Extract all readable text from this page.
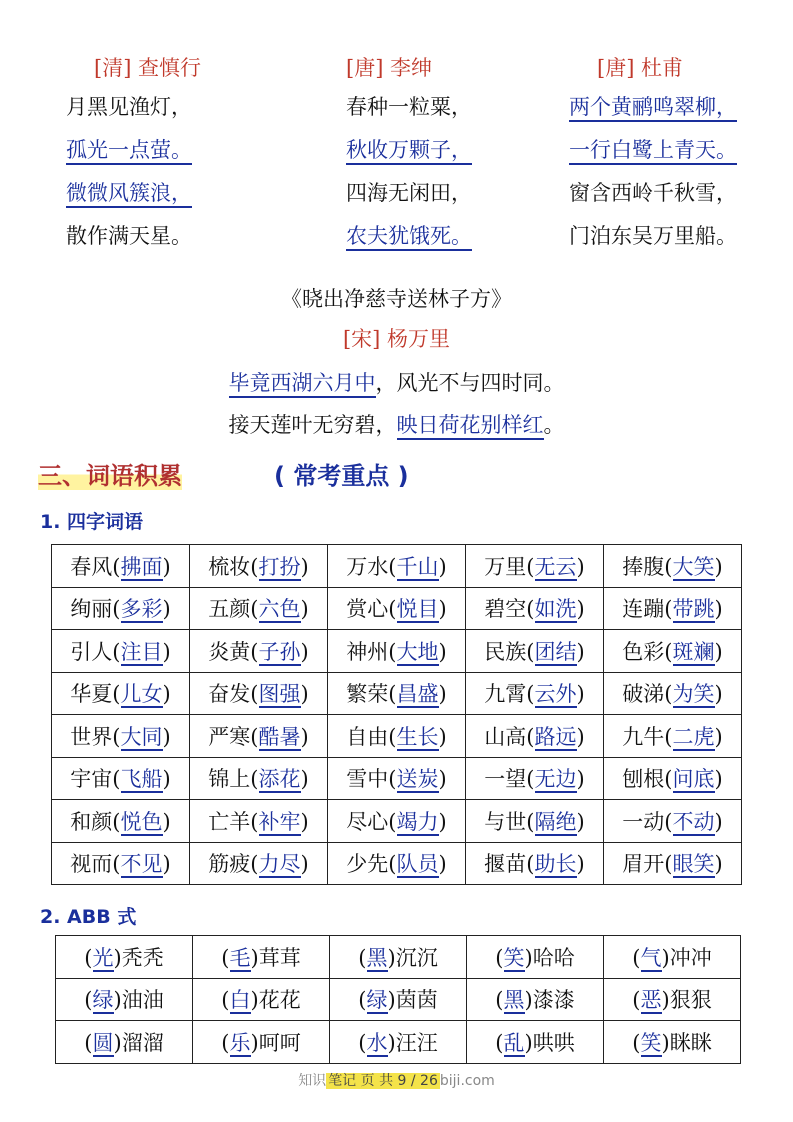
[清] 查慎行
月黑见渔灯，
孤光一点萤。
微微风簇浪，
散作满天星。
[唐] 李绅
春种一粒粟，
秋收万颗子，
四海无闲田，
农夫犹饿死。
[唐] 杜甫
两个黄鹂鸣翠柳，
一行白鹭上青天。
窗含西岭千秋雪，
门泊东吴万里船。
《晓出净慈寺送林子方》
[宋] 杨万里
毕竟西湖六月中，风光不与四时同。
接天莲叶无穷碧，映日荷花别样红。
三、词语积累	( 常考重点 )
1. 四字词语
春风(拂面)	梳妆(打扮)	万水(千山)	万里(无云)	捧腹(大笑)
绚丽(多彩)	五颜(六色)	赏心(悦目)	碧空(如洗)	连蹦(带跳)
引人(注目)	炎黄(子孙)	神州(大地)	民族(团结)	色彩(斑斓)
华夏(儿女)	奋发(图强)	繁荣(昌盛)	九霄(云外)	破涕(为笑)
世界(大同)	严寒(酷暑)	自由(生长)	山高(路远)	九牛(二虎)
宇宙(飞船)	锦上(添花)	雪中(送炭)	一望(无边)	刨根(问底)
和颜(悦色)	亡羊(补牢)	尽心(竭力)	与世(隔绝)	一动(不动)
视而(不见)	筋疲(力尽)	少先(队员)	揠苗(助长)	眉开(眼笑)
2. ABB 式
(光)秃秃	(毛)茸茸	(黑)沉沉	(笑)哈哈	(气)冲冲
(绿)油油	(白)花花	(绿)茵茵	(黑)漆漆	(恶)狠狠
(圆)溜溜	(乐)呵呵	(水)汪汪	(乱)哄哄	(笑)眯眯
知识 笔记 页 共 9 / 26 biji.com
